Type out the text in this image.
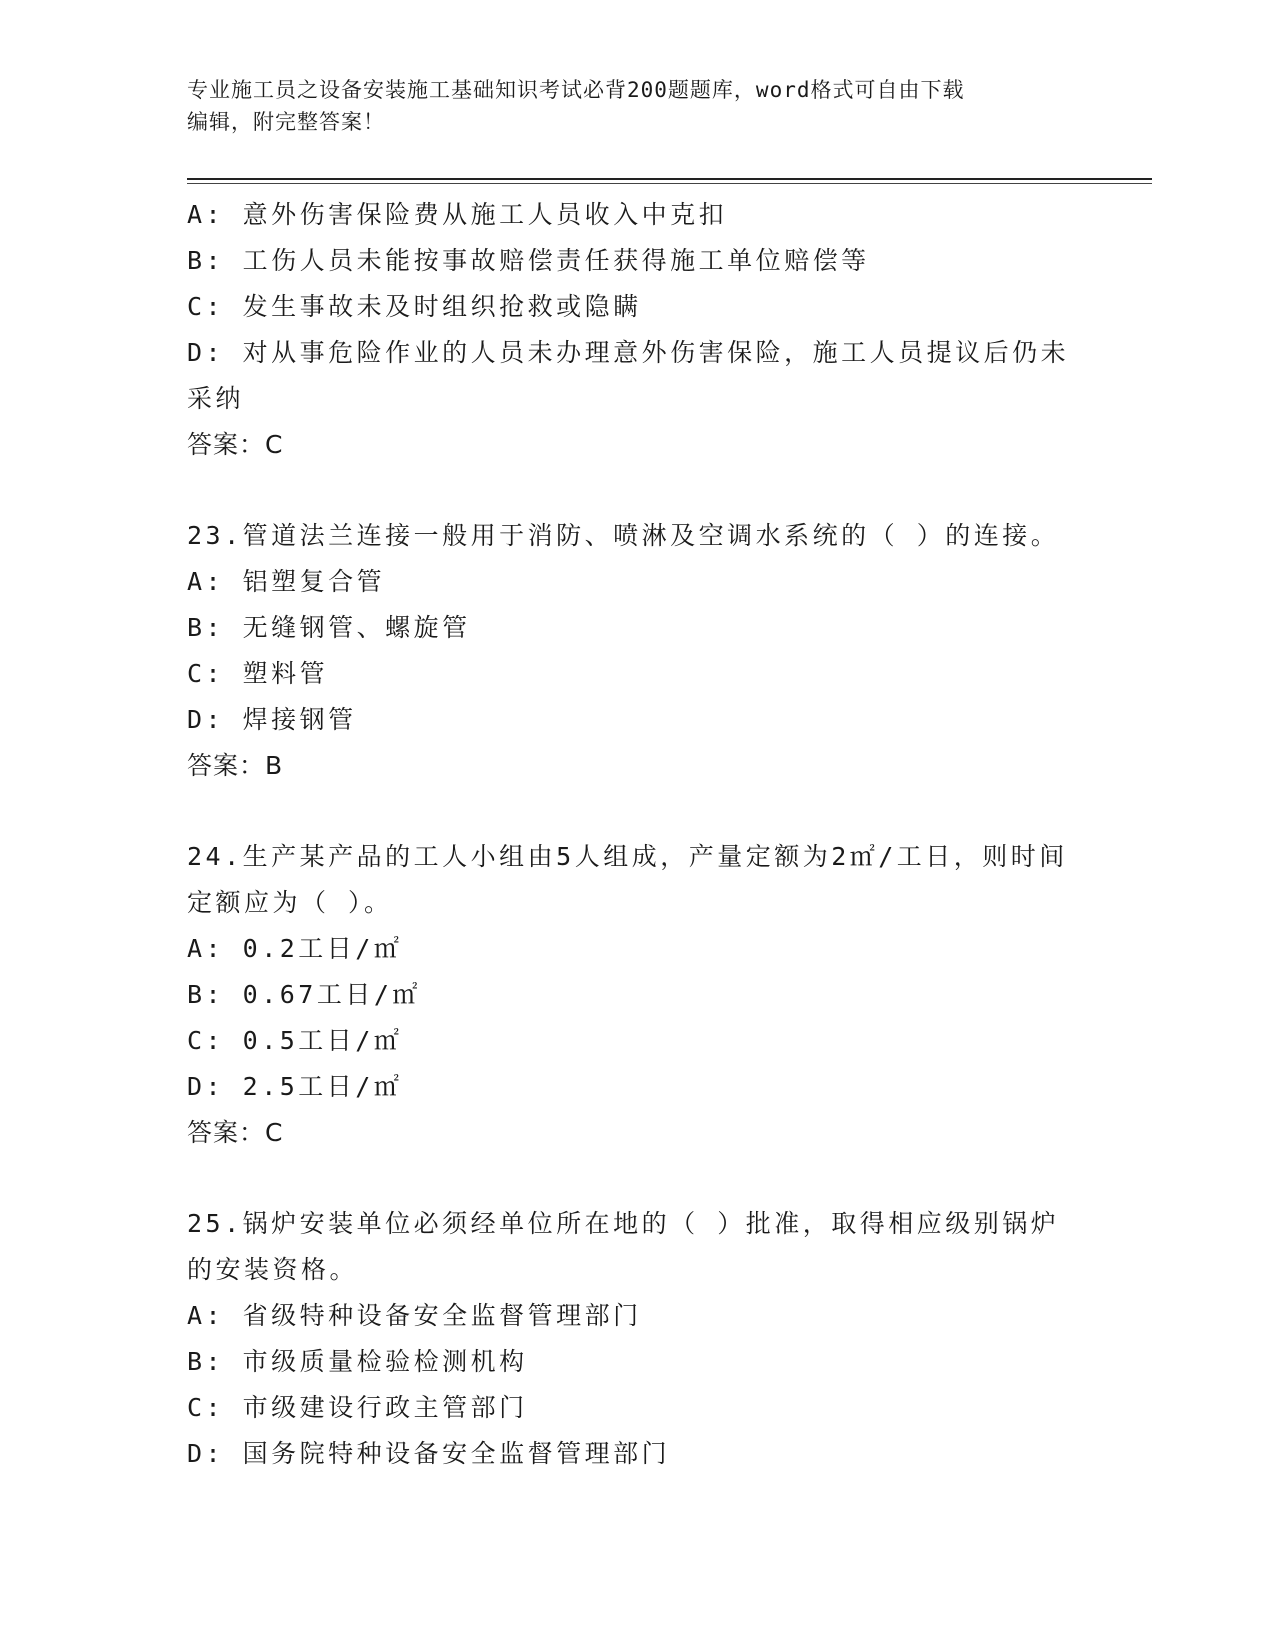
专业施工员之设备安装施工基础知识考试必背200题题库，word格式可自由下载
编辑，附完整答案！
A: 意外伤害保险费从施工人员收入中克扣
B: 工伤人员未能按事故赔偿责任获得施工单位赔偿等
C: 发生事故未及时组织抢救或隐瞒
D: 对从事危险作业的人员未办理意外伤害保险，施工人员提议后仍未
采纳
答案：C
23.管道法兰连接一般用于消防、喷淋及空调水系统的（ ）的连接。
A: 铝塑复合管
B: 无缝钢管、螺旋管
C: 塑料管
D: 焊接钢管
答案：B
24.生产某产品的工人小组由5人组成，产量定额为2㎡/工日，则时间
定额应为（ ）。
A: 0.2工日/㎡
B: 0.67工日/㎡
C: 0.5工日/㎡
D: 2.5工日/㎡
答案：C
25.锅炉安装单位必须经单位所在地的（ ）批准，取得相应级别锅炉
的安装资格。
A: 省级特种设备安全监督管理部门
B: 市级质量检验检测机构
C: 市级建设行政主管部门
D: 国务院特种设备安全监督管理部门
